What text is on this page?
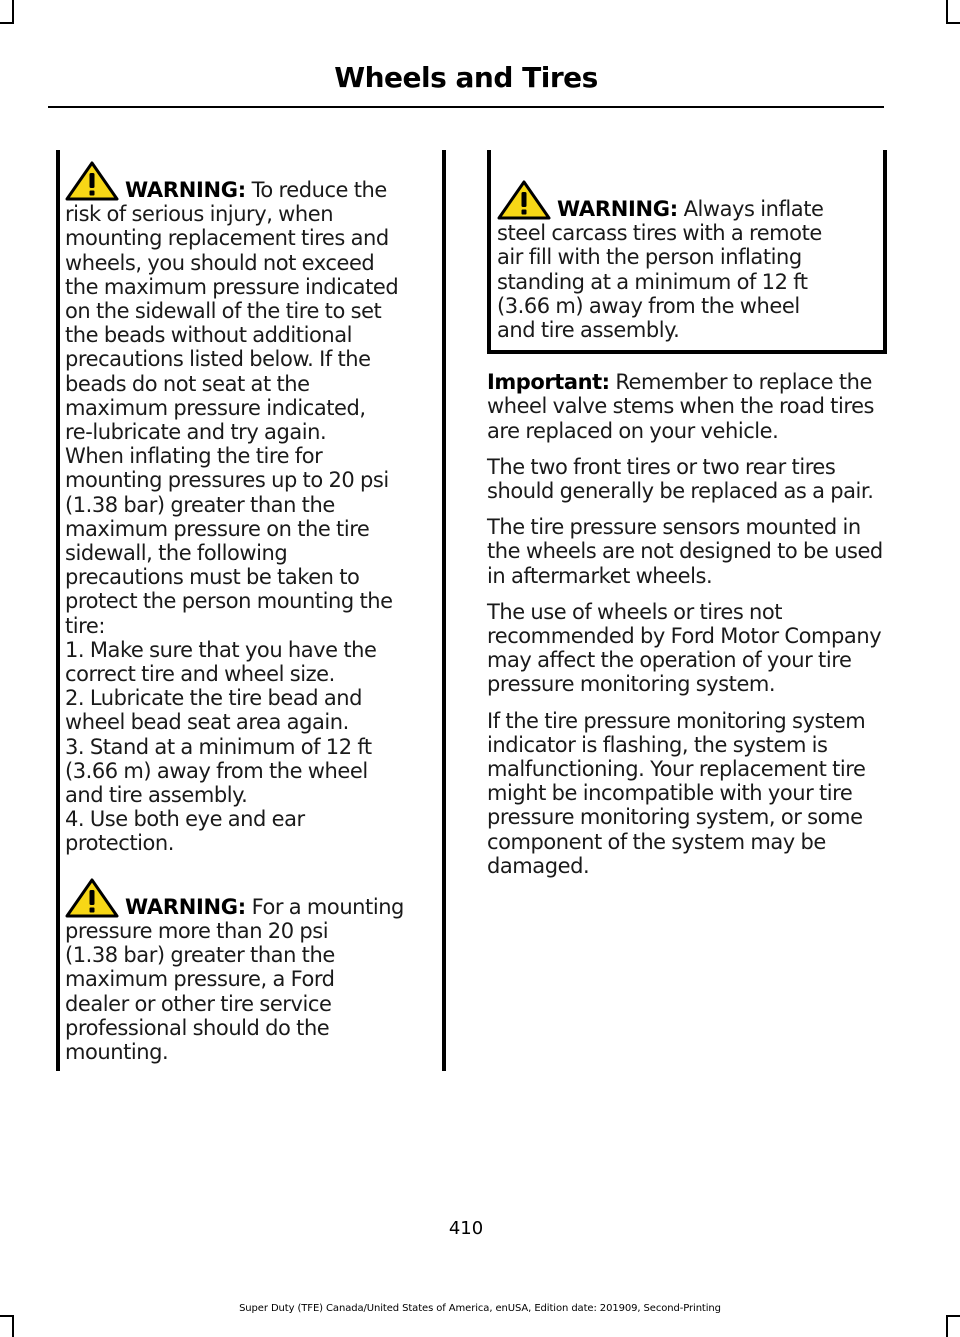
Wheels and Tires

WARNING: To reduce the
risk of serious injury, when
mounting replacement tires and
wheels, you should not exceed
the maximum pressure indicated
on the sidewall of the tire to set
the beads without additional
precautions listed below. If the
beads do not seat at the
maximum pressure indicated,
re-lubricate and try again.
When inflating the tire for
mounting pressures up to 20 psi
(1.38 bar) greater than the
maximum pressure on the tire
sidewall, the following
precautions must be taken to
protect the person mounting the
tire:
1. Make sure that you have the
correct tire and wheel size.
2. Lubricate the tire bead and
wheel bead seat area again.
3. Stand at a minimum of 12 ft
(3.66 m) away from the wheel
and tire assembly.
4. Use both eye and ear
protection.

WARNING: For a mounting
pressure more than 20 psi
(1.38 bar) greater than the
maximum pressure, a Ford
dealer or other tire service
professional should do the
mounting.

WARNING: Always inflate
steel carcass tires with a remote
air fill with the person inflating
standing at a minimum of 12 ft
(3.66 m) away from the wheel
and tire assembly.

Important: Remember to replace the wheel valve stems when the road tires are replaced on your vehicle.

The two front tires or two rear tires should generally be replaced as a pair.

The tire pressure sensors mounted in the wheels are not designed to be used in aftermarket wheels.

The use of wheels or tires not recommended by Ford Motor Company may affect the operation of your tire pressure monitoring system.

If the tire pressure monitoring system indicator is flashing, the system is malfunctioning. Your replacement tire might be incompatible with your tire pressure monitoring system, or some component of the system may be damaged.

410
Super Duty (TFE) Canada/United States of America, enUSA, Edition date: 201909, Second-Printing
